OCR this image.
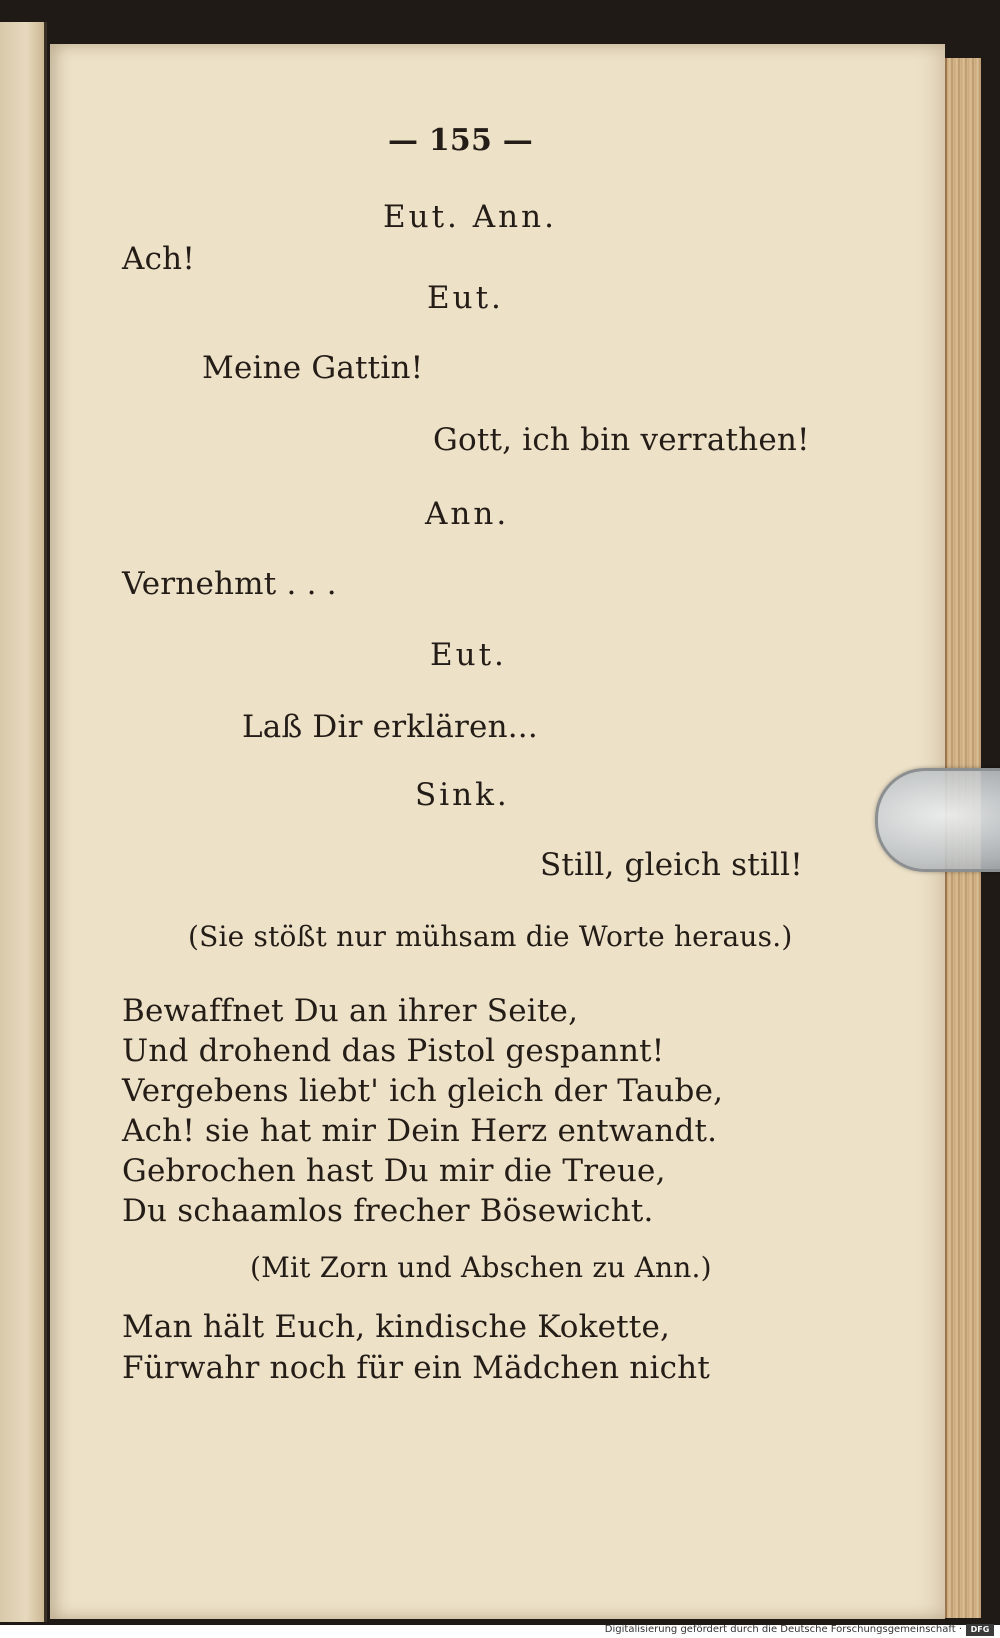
— 155 —
Eut. Ann.
Ach!
Eut.
Meine Gattin!
Gott, ich bin verrathen!
Ann.
Vernehmt . . .
Eut.
Laß Dir erklären...
Sink.
Still, gleich still!
(Sie stößt nur mühsam die Worte heraus.)
Bewaffnet Du an ihrer Seite,
Und drohend das Pistol gespannt!
Vergebens liebt' ich gleich der Taube,
Ach! sie hat mir Dein Herz entwandt.
Gebrochen hast Du mir die Treue,
Du schaamlos frecher Bösewicht.
(Mit Zorn und Abschen zu Ann.)
Man hält Euch, kindische Kokette,
Fürwahr noch für ein Mädchen nicht
Digitalisierung gefördert durch die Deutsche Forschungsgemeinschaft ·	DFG
